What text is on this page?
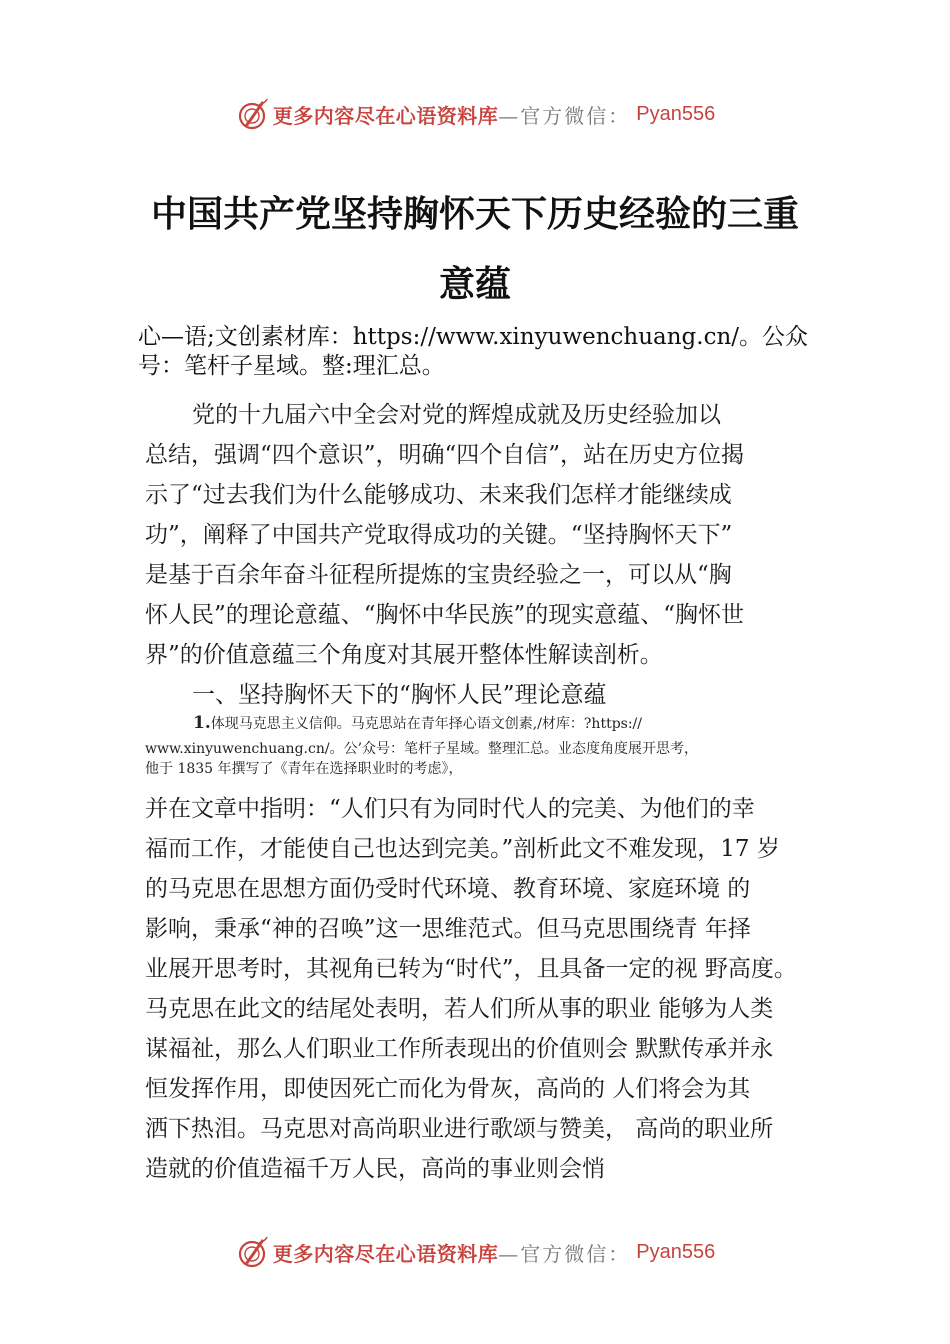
更多内容尽在心语资料库 —官方微信： Pyan556
中国共产党坚持胸怀天下历史经验的三重
意蕴
心—语;文创素材库：https://www.xinyuwenchuang.cn/。公众
号：笔杆子星域。整:理汇总。
党的十九届六中全会对党的辉煌成就及历史经验加以
总结，强调“四个意识”，明确“四个自信”，站在历史方位揭
示了“过去我们为什么能够成功、未来我们怎样才能继续成
功”，阐释了中国共产党取得成功的关键。“坚持胸怀天下”
是基于百余年奋斗征程所提炼的宝贵经验之一，可以从“胸
怀人民”的理论意蕴、“胸怀中华民族”的现实意蕴、“胸怀世
界”的价值意蕴三个角度对其展开整体性解读剖析。
一、坚持胸怀天下的“胸怀人民”理论意蕴
1.体现马克思主义信仰。马克思站在青年择心语文创素,/材库：?https://
www.xinyuwenchuang.cn/。公’众号：笔杆子星域。整理汇总。业态度角度展开思考，
他于 1835 年撰写了《青年在选择职业时的考虑》，
并在文章中指明：“人们只有为同时代人的完美、为他们的幸
福而工作，才能使自己也达到完美。”剖析此文不难发现，17 岁
的马克思在思想方面仍受时代环境、教育环境、家庭环境 的
影响，秉承“神的召唤”这一思维范式。但马克思围绕青 年择
业展开思考时，其视角已转为“时代”，且具备一定的视 野高度。
马克思在此文的结尾处表明，若人们所从事的职业 能够为人类
谋福祉，那么人们职业工作所表现出的价值则会 默默传承并永
恒发挥作用，即使因死亡而化为骨灰，高尚的 人们将会为其
洒下热泪。马克思对高尚职业进行歌颂与赞美， 高尚的职业所
造就的价值造福千万人民，高尚的事业则会悄
更多内容尽在心语资料库 —官方微信： Pyan556
